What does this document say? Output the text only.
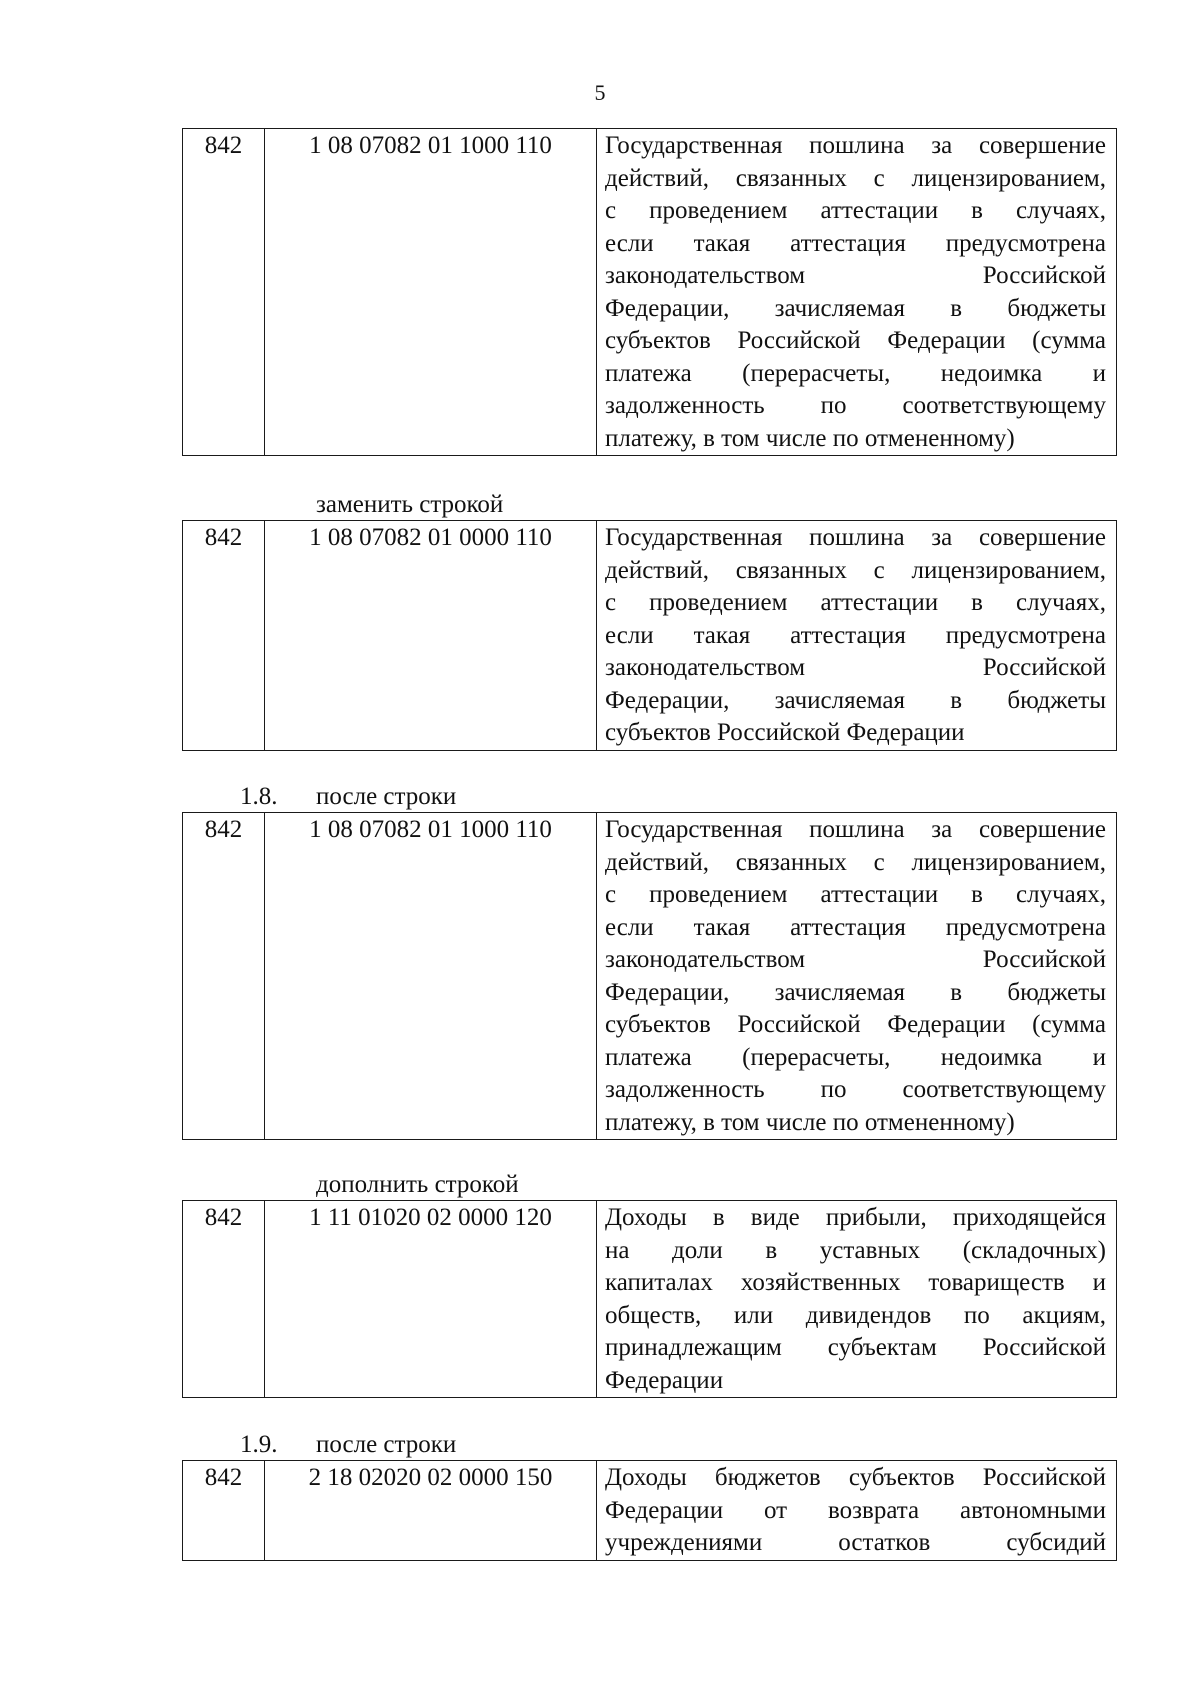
5
842	1 08 07082 01 1000 110	Государственная пошлина за совершение
действий, связанных с лицензированием,
с проведением аттестации в случаях,
если такая аттестация предусмотрена
законодательством Российской
Федерации, зачисляемая в бюджеты
субъектов Российской Федерации (сумма
платежа (перерасчеты, недоимка и
задолженность по соответствующему
платежу, в том числе по отмененному)
заменить строкой
842	1 08 07082 01 0000 110	Государственная пошлина за совершение
действий, связанных с лицензированием,
с проведением аттестации в случаях,
если такая аттестация предусмотрена
законодательством Российской
Федерации, зачисляемая в бюджеты
субъектов Российской Федерации
1.8. после строки
842	1 08 07082 01 1000 110	Государственная пошлина за совершение
действий, связанных с лицензированием,
с проведением аттестации в случаях,
если такая аттестация предусмотрена
законодательством Российской
Федерации, зачисляемая в бюджеты
субъектов Российской Федерации (сумма
платежа (перерасчеты, недоимка и
задолженность по соответствующему
платежу, в том числе по отмененному)
дополнить строкой
842	1 11 01020 02 0000 120	Доходы в виде прибыли, приходящейся
на доли в уставных (складочных)
капиталах хозяйственных товариществ и
обществ, или дивидендов по акциям,
принадлежащим субъектам Российской
Федерации
1.9. после строки
842	2 18 02020 02 0000 150	Доходы бюджетов субъектов Российской
Федерации от возврата автономными
учреждениями остатков субсидий
